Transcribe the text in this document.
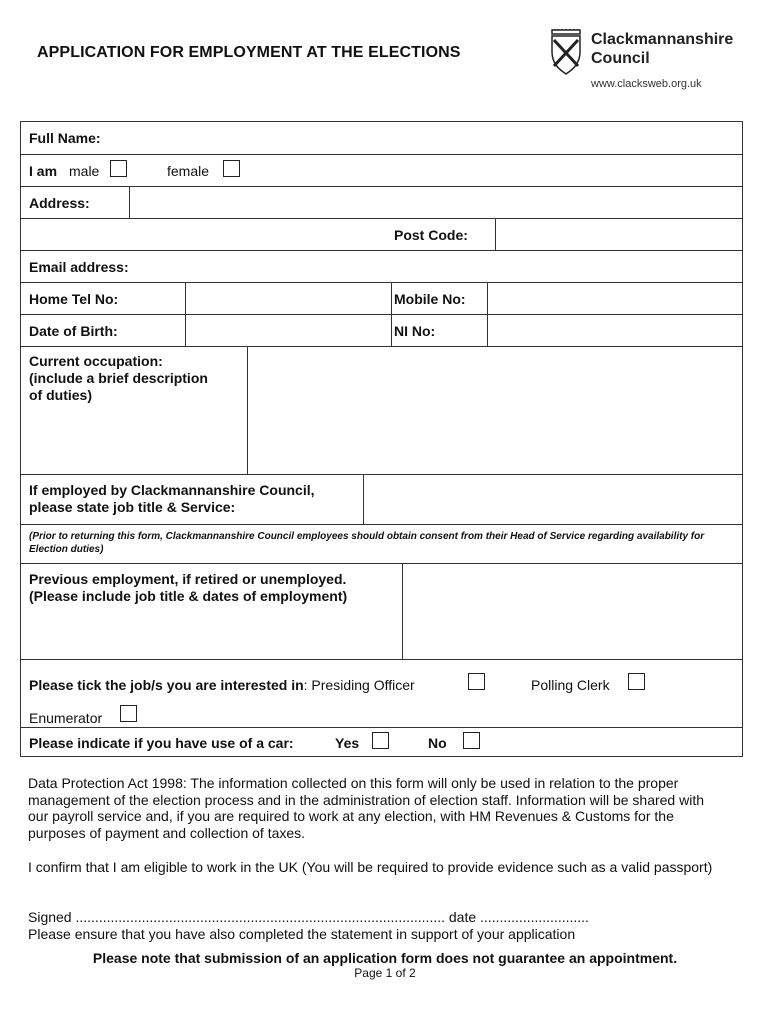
APPLICATION FOR EMPLOYMENT AT THE ELECTIONS
Clackmannanshire
Council
www.clacksweb.org.uk
Full Name:
I am male	female
Address:
Post Code:
Email address:
Home Tel No:	Mobile No:
Date of Birth:	NI No:
Current occupation:
(include a brief description
of duties)
If employed by Clackmannanshire Council,
please state job title & Service:
(Prior to returning this form, Clackmannanshire Council employees should obtain consent from their Head of Service regarding availability for Election duties)
Previous employment, if retired or unemployed.
(Please include job title & dates of employment)
Please tick the job/s you are interested in: Presiding Officer	Polling Clerk
Enumerator
Please indicate if you have use of a car:	Yes	No
Data Protection Act 1998: The information collected on this form will only be used in relation to the proper management of the election process and in the administration of election staff. Information will be shared with our payroll service and, if you are required to work at any election, with HM Revenues & Customs for the purposes of payment and collection of taxes.
I confirm that I am eligible to work in the UK (You will be required to provide evidence such as a valid passport)
Signed ............................................................................................... date ............................
Please ensure that you have also completed the statement in support of your application
Please note that submission of an application form does not guarantee an appointment.
Page 1 of 2
